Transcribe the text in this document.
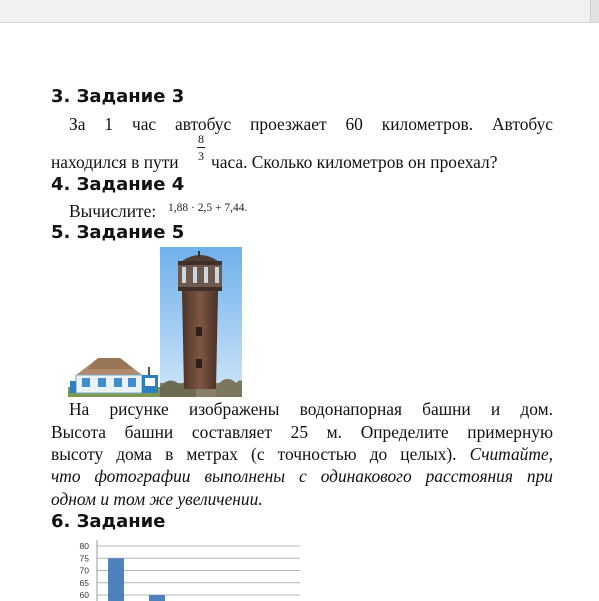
3. Задание 3

За 1 час автобус проезжает 60 километров. Автобус

находился в пути

8
3 часа. Сколько километров он проехал?

4. Задание 4

Вычислите: 1,88 · 2,5 + 7,44.
5. Задание 5

На рисунке изображены водонапорная башни и дом.

Высота башни составляет 25 м. Определите примерную

высоту дома в метрах (с точностью до целых). Считайте,

что фотографии выполнены с одинакового расстояния при

одном и том же увеличении.

6. Задание
80
75
70
65
60
